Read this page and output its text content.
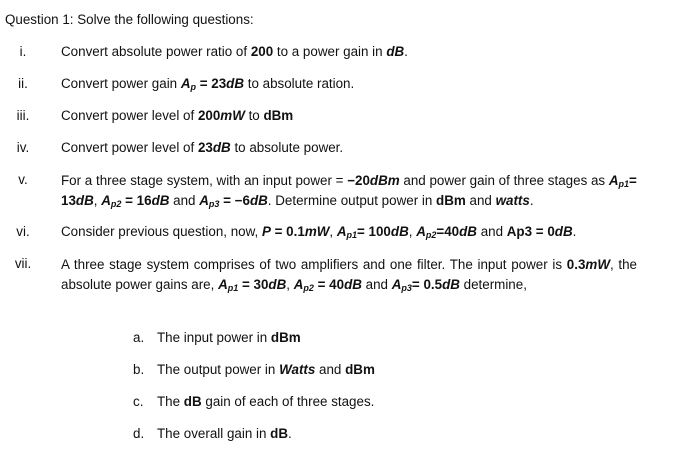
Question 1: Solve the following questions:
i.	Convert absolute power ratio of 200 to a power gain in dB.
ii.	Convert power gain $A_p = 23dB$ to absolute ration.
iii.	Convert power level of 200mW to dBm
iv.	Convert power level of 23dB to absolute power.
v.	For a three stage system, with an input power = −20dBm and power gain of three stages as $A_{p1}= 13dB$, $A_{p2} = 16dB$ and $A_{p3} = -6dB$. Determine output power in dBm and watts.
vi.	Consider previous question, now, P = 0.1mW, $A_{p1}= 100dB$, $A_{p2}=40dB$ and Ap3 = 0dB.
vii.	A three stage system comprises of two amplifiers and one filter. The input power is 0.3mW, the absolute power gains are, $A_{p1} = 30dB$, $A_{p2} = 40dB$ and $A_{p3}= 0.5dB$ determine,
a. The input power in dBm
b. The output power in Watts and dBm
c. The dB gain of each of three stages.
d. The overall gain in dB.
